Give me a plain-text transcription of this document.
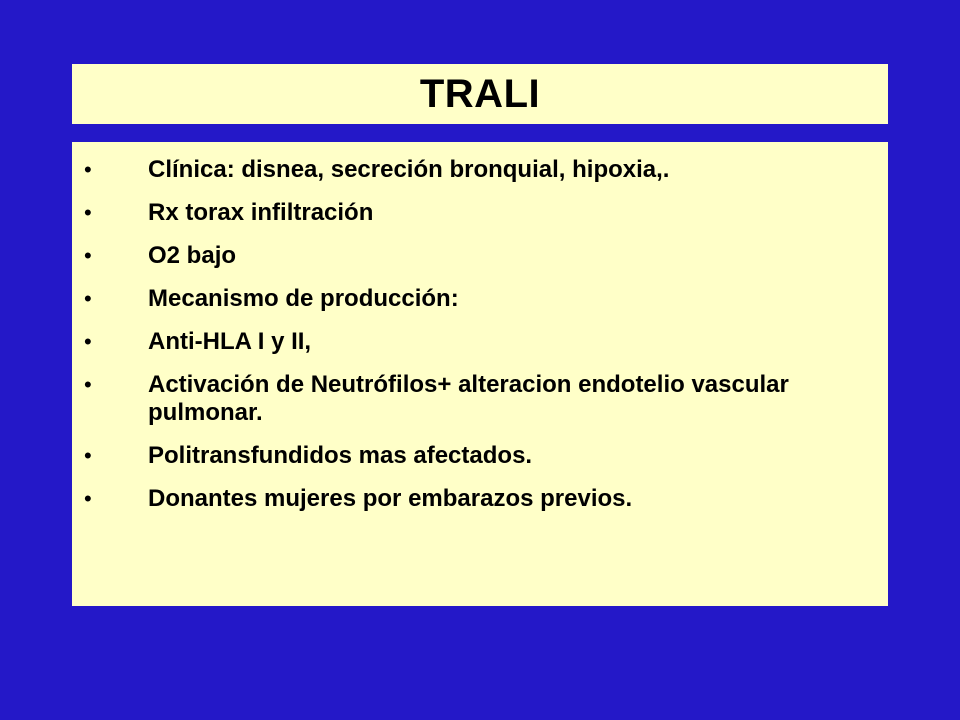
TRALI
•	Clínica: disnea, secreción bronquial, hipoxia,.
•	Rx torax infiltración
•	O2 bajo
•	Mecanismo de producción:
•	Anti-HLA I y II,
•	Activación de Neutrófilos+ alteracion endotelio vascular pulmonar.
•	Politransfundidos mas afectados.
•	Donantes mujeres por embarazos previos.
